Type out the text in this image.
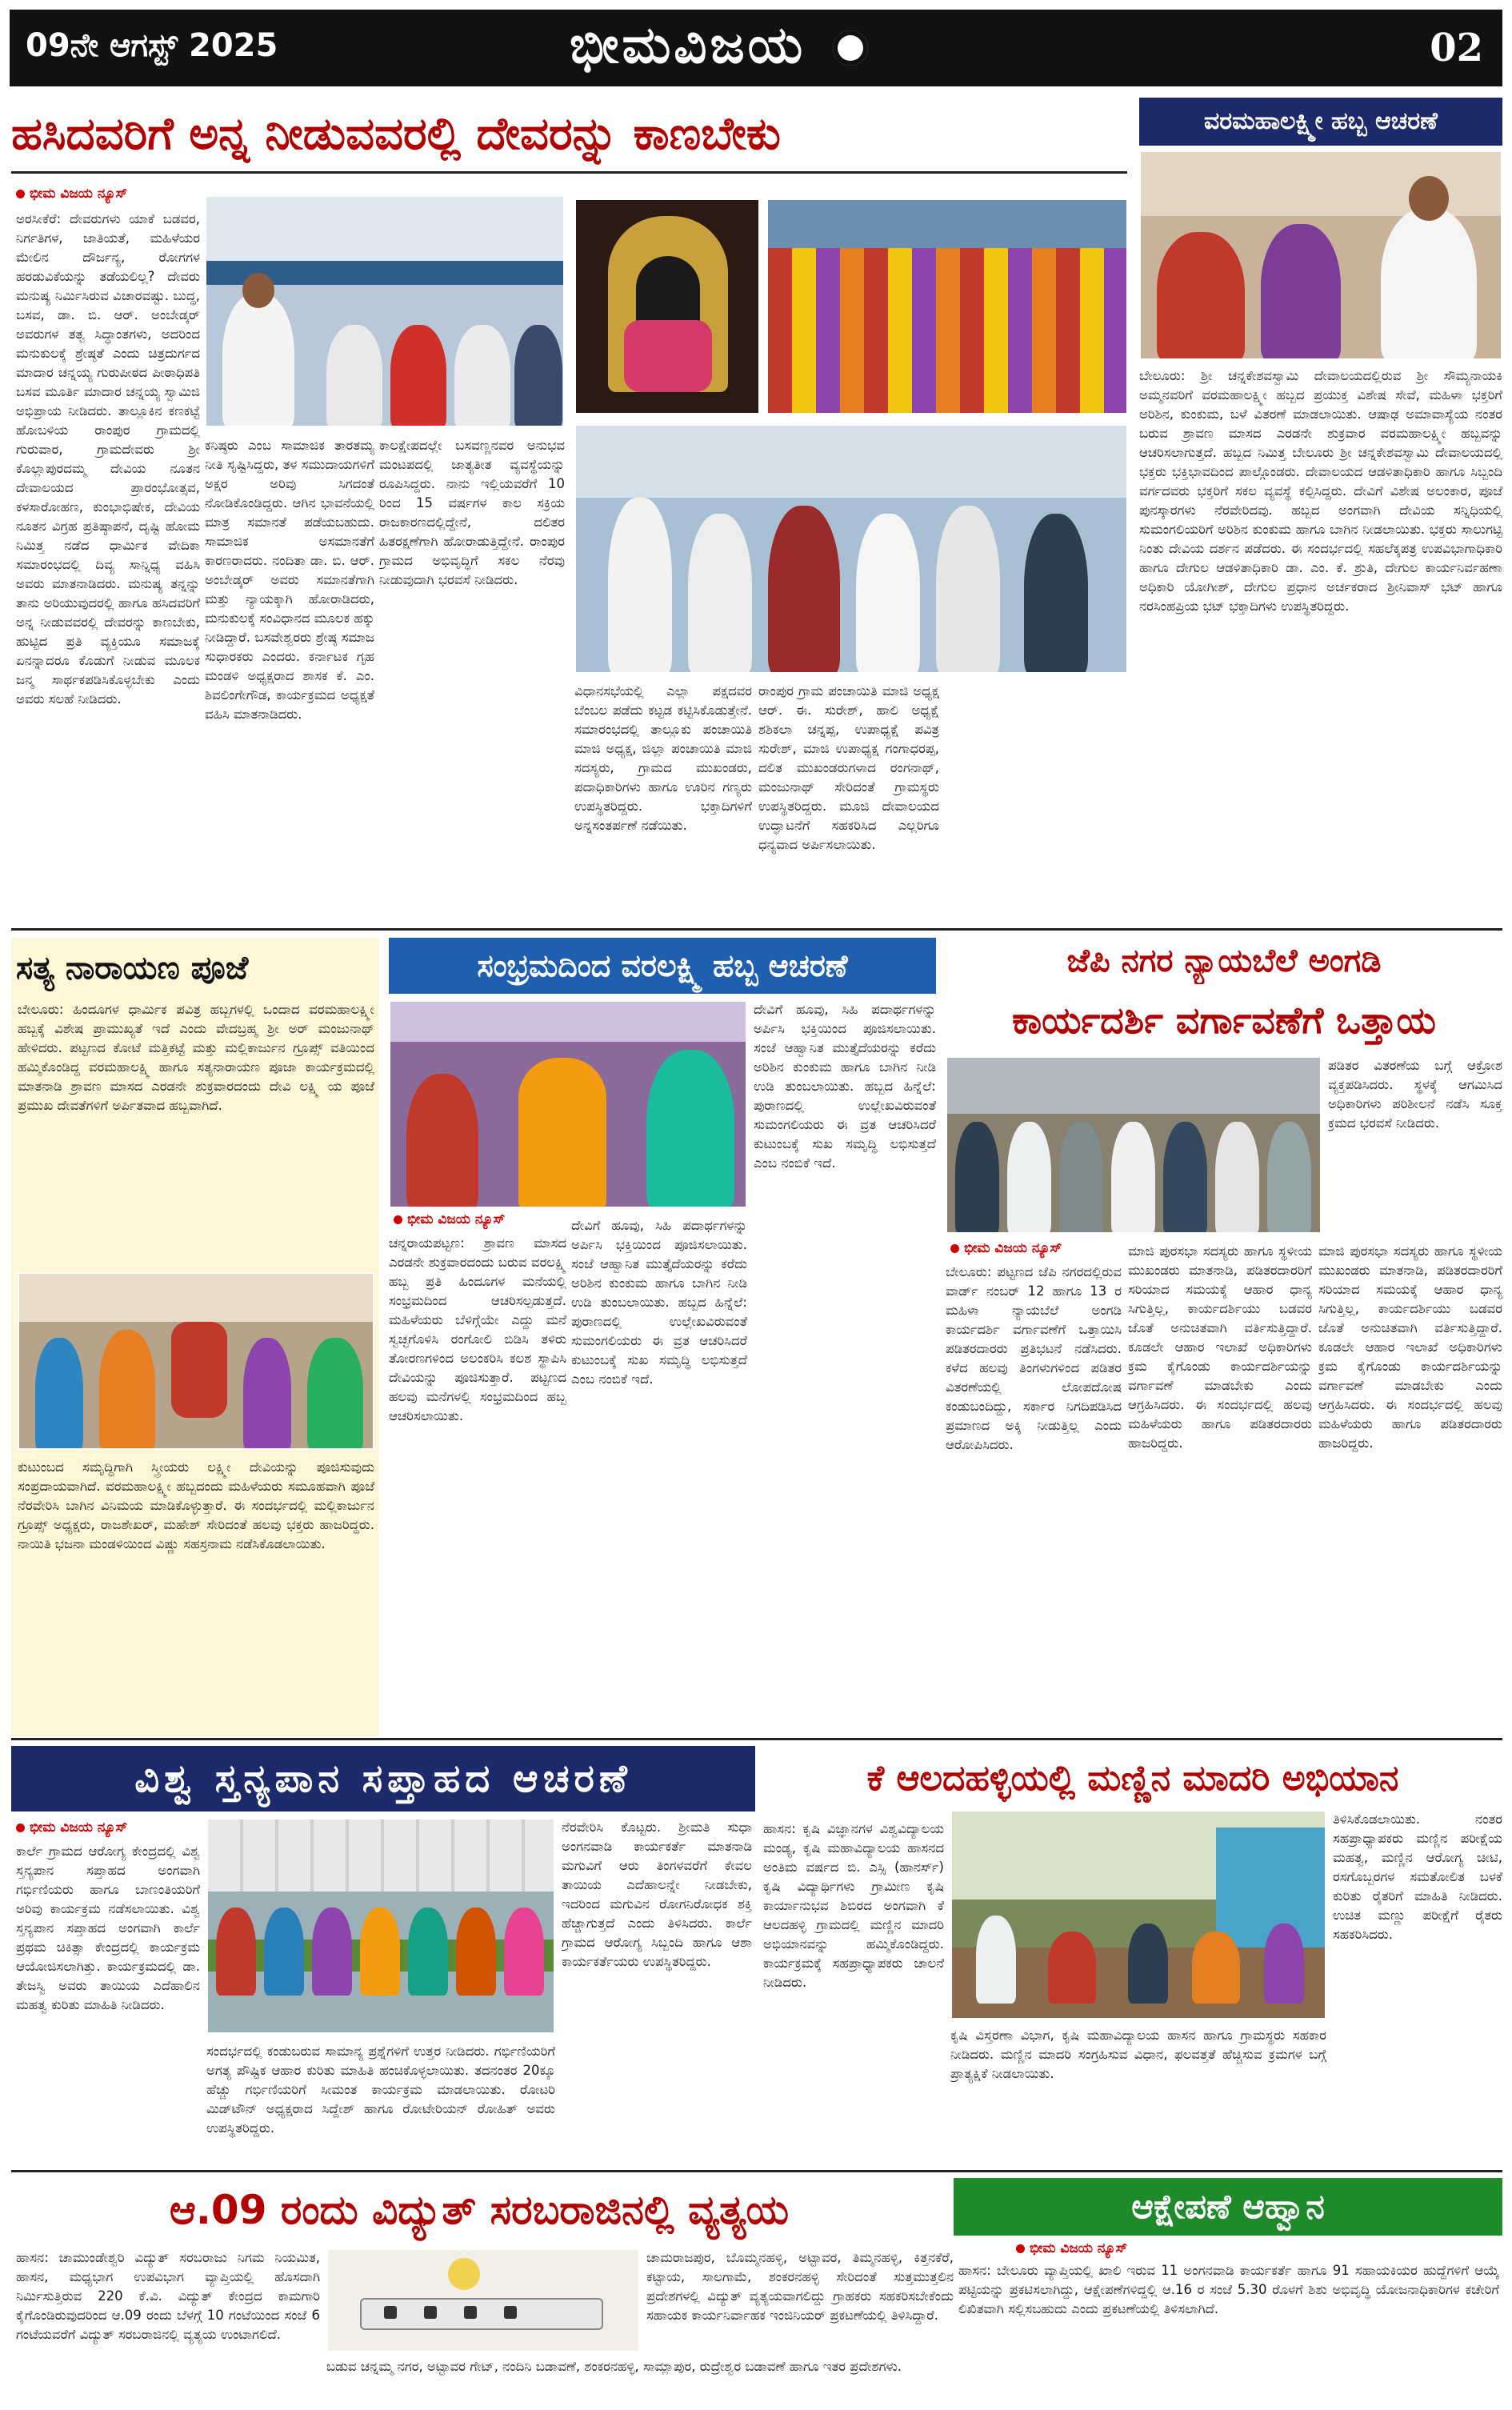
09ನೇ ಆಗಸ್ಟ್ 2025	ಭೀಮವಿಜಯ	02
ಹಸಿದವರಿಗೆ ಅನ್ನ ನೀಡುವವರಲ್ಲಿ ದೇವರನ್ನು ಕಾಣಬೇಕು
ಭೀಮ ವಿಜಯ ನ್ಯೂಸ್
ಅರಸೀಕೆರೆ: ದೇವರುಗಳು ಯಾಕೆ ಬಡವರ, ನಿರ್ಗತಿಗಳ, ಜಾತಿಯತೆ, ಮಹಿಳೆಯರ ಮೇಲಿನ ದೌರ್ಜನ್ಯ, ರೋಗಗಳ ಹರಡುವಿಕೆಯನ್ನು ತಡೆಯಲಿಲ್ಲ? ದೇವರು ಮನುಷ್ಯ ನಿರ್ಮಿಸಿರುವ ವಿಚಾರವಷ್ಟು. ಬುದ್ಧ, ಬಸವ, ಡಾ. ಬಿ. ಆರ್. ಅಂಬೇಡ್ಕರ್ ಅವರುಗಳ ತತ್ವ ಸಿದ್ಧಾಂತಗಳು, ಅದರಿಂದ ಮನುಕುಲಕ್ಕೆ ಶ್ರೇಷ್ಠತೆ ಎಂದು ಚಿತ್ರದುರ್ಗದ ಮಾದಾರ ಚನ್ನಯ್ಯ ಗುರುಪೀಠದ ಪೀಠಾಧಿಪತಿ ಬಸವ ಮೂರ್ತಿ ಮಾದಾರ ಚನ್ನಯ್ಯ ಸ್ವಾಮಿಜಿ ಅಭಿಪ್ರಾಯ ನೀಡಿದರು. ತಾಲ್ಲೂಕಿನ ಕಣಕಟ್ಟೆ ಹೋಬಳಿಯ ರಾಂಪುರ ಗ್ರಾಮದಲ್ಲಿ ಗುರುವಾರ, ಗ್ರಾಮದೇವರು ಶ್ರೀ ಕೊಲ್ಲಾಪುರದಮ್ಮ ದೇವಿಯ ನೂತನ ದೇವಾಲಯದ ಪ್ರಾರಂಭೋತ್ಸವ, ಕಳಸಾರೋಹಣ, ಕುಂಭಾಭಿಷೇಕ, ದೇವಿಯ ನೂತನ ವಿಗ್ರಹ ಪ್ರತಿಷ್ಠಾಪನೆ, ದೃಷ್ಟಿ ಹೋಮ ನಿಮಿತ್ತ ನಡೆದ ಧಾರ್ಮಿಕ ವೇದಿಕಾ ಸಮಾರಂಭದಲ್ಲಿ ದಿವ್ಯ ಸಾನ್ನಿಧ್ಯ ವಹಿಸಿ ಅವರು ಮಾತನಾಡಿದರು. ಮನುಷ್ಯ ತನ್ನನ್ನು ತಾನು ಅರಿಯುವುದರಲ್ಲಿ ಹಾಗೂ ಹಸಿದವರಿಗೆ ಅನ್ನ ನೀಡುವವರಲ್ಲಿ ದೇವರನ್ನು ಕಾಣಬೇಕು, ಹುಟ್ಟಿದ ಪ್ರತಿ ವ್ಯಕ್ತಿಯೂ ಸಮಾಜಕ್ಕೆ ಏನನ್ನಾದರೂ ಕೊಡುಗೆ ನೀಡುವ ಮೂಲಕ ಜನ್ಮ ಸಾರ್ಥಕಪಡಿಸಿಕೊಳ್ಳಬೇಕು ಎಂದು ಅವರು ಸಲಹೆ ನೀಡಿದರು.
ಕನಿಷ್ಠರು ಎಂಬ ಸಾಮಾಜಿಕ ತಾರತಮ್ಯ ನೀತಿ ಸೃಷ್ಟಿಸಿದ್ದರು, ತಳ ಸಮುದಾಯಗಳಿಗೆ ಅಕ್ಷರ ಅರಿವು ಸಿಗದಂತೆ ನೋಡಿಕೊಂಡಿದ್ದರು. ಆಗಿನ ಭಾವನೆಯಲ್ಲಿ ಮಾತ್ರ ಸಮಾನತೆ ಪಡೆಯಬಹುದು. ಸಾಮಾಜಿಕ ಅಸಮಾನತೆಗೆ ಕಾರಣರಾದರು. ನಂದಿತಾ ಡಾ. ಬಿ. ಆರ್. ಅಂಬೇಡ್ಕರ್ ಅವರು ಸಮಾನತೆಗಾಗಿ ಮತ್ತು ನ್ಯಾಯಕ್ಕಾಗಿ ಹೋರಾಡಿದರು, ಮನುಕುಲಕ್ಕೆ ಸಂವಿಧಾನದ ಮೂಲಕ ಹಕ್ಕು ನೀಡಿದ್ದಾರೆ. ಬಸವೇಶ್ವರರು ಶ್ರೇಷ್ಠ ಸಮಾಜ ಸುಧಾರಕರು ಎಂದರು. ಕರ್ನಾಟಕ ಗೃಹ ಮಂಡಳಿ ಅಧ್ಯಕ್ಷರಾದ ಶಾಸಕ ಕೆ. ಎಂ. ಶಿವಲಿಂಗೇಗೌಡ, ಕಾರ್ಯಕ್ರಮದ ಅಧ್ಯಕ್ಷತೆ ವಹಿಸಿ ಮಾತನಾಡಿದರು.
ಕಾಲಕ್ಷೇಪದಲ್ಲೇ ಬಸವಣ್ಣನವರ ಅನುಭವ ಮಂಟಪದಲ್ಲಿ ಜಾತ್ಯತೀತ ವ್ಯವಸ್ಥೆಯನ್ನು ರೂಪಿಸಿದ್ದರು. ನಾನು ಇಲ್ಲಿಯವರೆಗೆ 10 ರಿಂದ 15 ವರ್ಷಗಳ ಕಾಲ ಸಕ್ರಿಯ ರಾಜಕಾರಣದಲ್ಲಿದ್ದೇನೆ, ದಲಿತರ ಹಿತರಕ್ಷಣೆಗಾಗಿ ಹೋರಾಡುತ್ತಿದ್ದೇನೆ. ರಾಂಪುರ ಗ್ರಾಮದ ಅಭಿವೃದ್ಧಿಗೆ ಸಕಲ ನೆರವು ನೀಡುವುದಾಗಿ ಭರವಸೆ ನೀಡಿದರು.
ವಿಧಾನಸಭೆಯಲ್ಲಿ ಎಲ್ಲಾ ಪಕ್ಷದವರ ಬೆಂಬಲ ಪಡೆದು ಕಟ್ಟಡ ಕಟ್ಟಿಸಿಕೊಡುತ್ತೇನೆ. ಸಮಾರಂಭದಲ್ಲಿ ತಾಲ್ಲೂಕು ಪಂಚಾಯಿತಿ ಮಾಜಿ ಅಧ್ಯಕ್ಷ, ಜಿಲ್ಲಾ ಪಂಚಾಯಿತಿ ಮಾಜಿ ಸದಸ್ಯರು, ಗ್ರಾಮದ ಮುಖಂಡರು, ಪದಾಧಿಕಾರಿಗಳು ಹಾಗೂ ಊರಿನ ಗಣ್ಯರು ಉಪಸ್ಥಿತರಿದ್ದರು. ಭಕ್ತಾದಿಗಳಿಗೆ ಅನ್ನಸಂತರ್ಪಣೆ ನಡೆಯಿತು.
ರಾಂಪುರ ಗ್ರಾಮ ಪಂಚಾಯಿತಿ ಮಾಜಿ ಅಧ್ಯಕ್ಷ ಆರ್. ಈ. ಸುರೇಶ್, ಹಾಲಿ ಅಧ್ಯಕ್ಷೆ ಶಶಿಕಲಾ ಚನ್ನಪ್ಪ, ಉಪಾಧ್ಯಕ್ಷೆ ಪವಿತ್ರ ಸುರೇಶ್, ಮಾಜಿ ಉಪಾಧ್ಯಕ್ಷ ಗಂಗಾಧರಪ್ಪ, ದಲಿತ ಮುಖಂಡರುಗಳಾದ ರಂಗನಾಥ್, ಮಂಜುನಾಥ್ ಸೇರಿದಂತೆ ಗ್ರಾಮಸ್ಥರು ಉಪಸ್ಥಿತರಿದ್ದರು. ಮೂಜಿ ದೇವಾಲಯದ ಉದ್ಘಾಟನೆಗೆ ಸಹಕರಿಸಿದ ಎಲ್ಲರಿಗೂ ಧನ್ಯವಾದ ಅರ್ಪಿಸಲಾಯಿತು.
ವರಮಹಾಲಕ್ಷ್ಮೀ ಹಬ್ಬ ಆಚರಣೆ
ಬೇಲೂರು: ಶ್ರೀ ಚನ್ನಕೇಶವಸ್ವಾಮಿ ದೇವಾಲಯದಲ್ಲಿರುವ ಶ್ರೀ ಸೌಮ್ಯನಾಯಕಿ ಅಮ್ಮನವರಿಗೆ ವರಮಹಾಲಕ್ಷ್ಮೀ ಹಬ್ಬದ ಪ್ರಯುಕ್ತ ವಿಶೇಷ ಸೇವೆ, ಮಹಿಳಾ ಭಕ್ತರಿಗೆ ಅರಿಶಿನ, ಕುಂಕುಮ, ಬಳೆ ವಿತರಣೆ ಮಾಡಲಾಯಿತು. ಆಷಾಢ ಅಮಾವಾಸ್ಯೆಯ ನಂತರ ಬರುವ ಶ್ರಾವಣ ಮಾಸದ ಎರಡನೇ ಶುಕ್ರವಾರ ವರಮಹಾಲಕ್ಷ್ಮೀ ಹಬ್ಬವನ್ನು ಆಚರಿಸಲಾಗುತ್ತದೆ. ಹಬ್ಬದ ನಿಮಿತ್ತ ಬೇಲೂರು ಶ್ರೀ ಚನ್ನಕೇಶವಸ್ವಾಮಿ ದೇವಾಲಯದಲ್ಲಿ ಭಕ್ತರು ಭಕ್ತಿಭಾವದಿಂದ ಪಾಲ್ಗೊಂಡರು. ದೇವಾಲಯದ ಆಡಳಿತಾಧಿಕಾರಿ ಹಾಗೂ ಸಿಬ್ಬಂದಿ ವರ್ಗದವರು ಭಕ್ತರಿಗೆ ಸಕಲ ವ್ಯವಸ್ಥೆ ಕಲ್ಪಿಸಿದ್ದರು. ದೇವಿಗೆ ವಿಶೇಷ ಅಲಂಕಾರ, ಪೂಜೆ ಪುನಸ್ಕಾರಗಳು ನೆರವೇರಿದವು. ಹಬ್ಬದ ಅಂಗವಾಗಿ ದೇವಿಯ ಸನ್ನಿಧಿಯಲ್ಲಿ ಸುಮಂಗಲಿಯರಿಗೆ ಅರಿಶಿನ ಕುಂಕುಮ ಹಾಗೂ ಬಾಗಿನ ನೀಡಲಾಯಿತು. ಭಕ್ತರು ಸಾಲುಗಟ್ಟಿ ನಿಂತು ದೇವಿಯ ದರ್ಶನ ಪಡೆದರು. ಈ ಸಂದರ್ಭದಲ್ಲಿ ಸಹಲೆಕ್ಕಪತ್ರ ಉಪವಿಭಾಗಾಧಿಕಾರಿ ಹಾಗೂ ದೇಗುಲ ಆಡಳಿತಾಧಿಕಾರಿ ಡಾ. ಎಂ. ಕೆ. ಶ್ರುತಿ, ದೇಗುಲ ಕಾರ್ಯನಿರ್ವಹಣಾ ಅಧಿಕಾರಿ ಯೋಗೀಶ್, ದೇಗುಲ ಪ್ರಧಾನ ಅರ್ಚಕರಾದ ಶ್ರೀನಿವಾಸ್ ಭಟ್ ಹಾಗೂ ನರಸಿಂಹಪ್ರಿಯ ಭಟ್ ಭಕ್ತಾದಿಗಳು ಉಪಸ್ಥಿತರಿದ್ದರು.
ಸತ್ಯ ನಾರಾಯಣ ಪೂಜೆ
ಬೇಲೂರು: ಹಿಂದೂಗಳ ಧಾರ್ಮಿಕ ಪವಿತ್ರ ಹಬ್ಬಗಳಲ್ಲಿ ಒಂದಾದ ವರಮಹಾಲಕ್ಷ್ಮೀ ಹಬ್ಬಕ್ಕೆ ವಿಶೇಷ ಪ್ರಾಮುಖ್ಯತೆ ಇದೆ ಎಂದು ವೇದಬ್ರಹ್ಮ ಶ್ರೀ ಅರ್ ಮಂಜುನಾಥ್ ಹೇಳಿದರು. ಪಟ್ಟಣದ ಕೋಟೆ ಮತ್ತಿಕಟ್ಟೆ ಮತ್ತು ಮಲ್ಲಿಕಾರ್ಜುನ ಗ್ರೂಪ್ಸ್ ವತಿಯಿಂದ ಹಮ್ಮಿಕೊಂಡಿದ್ದ ವರಮಹಾಲಕ್ಷ್ಮಿ ಹಾಗೂ ಸತ್ಯನಾರಾಯಣ ಪೂಜಾ ಕಾರ್ಯಕ್ರಮದಲ್ಲಿ ಮಾತನಾಡಿ ಶ್ರಾವಣ ಮಾಸದ ಎರಡನೇ ಶುಕ್ರವಾರದಂದು ದೇವಿ ಲಕ್ಷ್ಮಿ ಯ ಪೂಜೆ ಪ್ರಮುಖ ದೇವತೆಗಳಿಗೆ ಅರ್ಪಿತವಾದ ಹಬ್ಬವಾಗಿದೆ.
ಕುಟುಂಬದ ಸಮೃದ್ಧಿಗಾಗಿ ಸ್ತ್ರೀಯರು ಲಕ್ಷ್ಮೀ ದೇವಿಯನ್ನು ಪೂಜಿಸುವುದು ಸಂಪ್ರದಾಯವಾಗಿದೆ. ವರಮಹಾಲಕ್ಷ್ಮೀ ಹಬ್ಬದಂದು ಮಹಿಳೆಯರು ಸಮೂಹವಾಗಿ ಪೂಜೆ ನೆರವೇರಿಸಿ ಬಾಗಿನ ವಿನಿಮಯ ಮಾಡಿಕೊಳ್ಳುತ್ತಾರೆ. ಈ ಸಂದರ್ಭದಲ್ಲಿ ಮಲ್ಲಿಕಾರ್ಜುನ ಗ್ರೂಪ್ಸ್ ಅಧ್ಯಕ್ಷರು, ರಾಜಶೇಖರ್, ಮಹೇಶ್ ಸೇರಿದಂತೆ ಹಲವು ಭಕ್ತರು ಹಾಜರಿದ್ದರು. ನಾಯಿತಿ ಭಜನಾ ಮಂಡಳಿಯಿಂದ ವಿಷ್ಣು ಸಹಸ್ರನಾಮ ನಡೆಸಿಕೊಡಲಾಯಿತು.
ಸಂಭ್ರಮದಿಂದ ವರಲಕ್ಷ್ಮಿ ಹಬ್ಬ ಆಚರಣೆ
ಭೀಮ ವಿಜಯ ನ್ಯೂಸ್
ಚನ್ನರಾಯಪಟ್ಟಣ: ಶ್ರಾವಣ ಮಾಸದ ಎರಡನೇ ಶುಕ್ರವಾರದಂದು ಬರುವ ವರಲಕ್ಷ್ಮಿ ಹಬ್ಬ ಪ್ರತಿ ಹಿಂದೂಗಳ ಮನೆಯಲ್ಲಿ ಸಂಭ್ರಮದಿಂದ ಆಚರಿಸಲ್ಪಡುತ್ತದೆ. ಮಹಿಳೆಯರು ಬೆಳಿಗ್ಗೆಯೇ ಎದ್ದು ಮನೆ ಸ್ವಚ್ಛಗೊಳಿಸಿ ರಂಗೋಲಿ ಬಿಡಿಸಿ ತಳಿರು ತೋರಣಗಳಿಂದ ಅಲಂಕರಿಸಿ ಕಲಶ ಸ್ಥಾಪಿಸಿ ದೇವಿಯನ್ನು ಪೂಜಿಸುತ್ತಾರೆ. ಪಟ್ಟಣದ ಹಲವು ಮನೆಗಳಲ್ಲಿ ಸಂಭ್ರಮದಿಂದ ಹಬ್ಬ ಆಚರಿಸಲಾಯಿತು.
ದೇವಿಗೆ ಹೂವು, ಸಿಹಿ ಪದಾರ್ಥಗಳನ್ನು ಅರ್ಪಿಸಿ ಭಕ್ತಿಯಿಂದ ಪೂಜಿಸಲಾಯಿತು. ಸಂಜೆ ಆಹ್ವಾನಿತ ಮುತ್ತೈದೆಯರನ್ನು ಕರೆದು ಅರಿಶಿನ ಕುಂಕುಮ ಹಾಗೂ ಬಾಗಿನ ನೀಡಿ ಉಡಿ ತುಂಬಲಾಯಿತು. ಹಬ್ಬದ ಹಿನ್ನೆಲೆ: ಪುರಾಣದಲ್ಲಿ ಉಲ್ಲೇಖವಿರುವಂತೆ ಸುಮಂಗಲಿಯರು ಈ ವ್ರತ ಆಚರಿಸಿದರೆ ಕುಟುಂಬಕ್ಕೆ ಸುಖ ಸಮೃದ್ಧಿ ಲಭಿಸುತ್ತದೆ ಎಂಬ ನಂಬಿಕೆ ಇದೆ.
ದೇವಿಗೆ ಹೂವು, ಸಿಹಿ ಪದಾರ್ಥಗಳನ್ನು ಅರ್ಪಿಸಿ ಭಕ್ತಿಯಿಂದ ಪೂಜಿಸಲಾಯಿತು. ಸಂಜೆ ಆಹ್ವಾನಿತ ಮುತ್ತೈದೆಯರನ್ನು ಕರೆದು ಅರಿಶಿನ ಕುಂಕುಮ ಹಾಗೂ ಬಾಗಿನ ನೀಡಿ ಉಡಿ ತುಂಬಲಾಯಿತು. ಹಬ್ಬದ ಹಿನ್ನೆಲೆ: ಪುರಾಣದಲ್ಲಿ ಉಲ್ಲೇಖವಿರುವಂತೆ ಸುಮಂಗಲಿಯರು ಈ ವ್ರತ ಆಚರಿಸಿದರೆ ಕುಟುಂಬಕ್ಕೆ ಸುಖ ಸಮೃದ್ಧಿ ಲಭಿಸುತ್ತದೆ ಎಂಬ ನಂಬಿಕೆ ಇದೆ.
ಜೆಪಿ ನಗರ ನ್ಯಾಯಬೆಲೆ ಅಂಗಡಿ
ಕಾರ್ಯದರ್ಶಿ ವರ್ಗಾವಣೆಗೆ ಒತ್ತಾಯ
ಪಡಿತರ ವಿತರಣೆಯ ಬಗ್ಗೆ ಆಕ್ರೋಶ ವ್ಯಕ್ತಪಡಿಸಿದರು. ಸ್ಥಳಕ್ಕೆ ಆಗಮಿಸಿದ ಅಧಿಕಾರಿಗಳು ಪರಿಶೀಲನೆ ನಡೆಸಿ ಸೂಕ್ತ ಕ್ರಮದ ಭರವಸೆ ನೀಡಿದರು.
ಭೀಮ ವಿಜಯ ನ್ಯೂಸ್
ಬೇಲೂರು: ಪಟ್ಟಣದ ಜೆಪಿ ನಗರದಲ್ಲಿರುವ ವಾರ್ಡ್ ನಂಬರ್ 12 ಹಾಗೂ 13 ರ ಮಹಿಳಾ ನ್ಯಾಯಬೆಲೆ ಅಂಗಡಿ ಕಾರ್ಯದರ್ಶಿ ವರ್ಗಾವಣೆಗೆ ಒತ್ತಾಯಿಸಿ ಪಡಿತರದಾರರು ಪ್ರತಿಭಟನೆ ನಡೆಸಿದರು. ಕಳೆದ ಹಲವು ತಿಂಗಳುಗಳಿಂದ ಪಡಿತರ ವಿತರಣೆಯಲ್ಲಿ ಲೋಪದೋಷ ಕಂಡುಬಂದಿದ್ದು, ಸರ್ಕಾರ ನಿಗದಿಪಡಿಸಿದ ಪ್ರಮಾಣದ ಅಕ್ಕಿ ನೀಡುತ್ತಿಲ್ಲ ಎಂದು ಆರೋಪಿಸಿದರು.
ಮಾಜಿ ಪುರಸಭಾ ಸದಸ್ಯರು ಹಾಗೂ ಸ್ಥಳೀಯ ಮುಖಂಡರು ಮಾತನಾಡಿ, ಪಡಿತರದಾರರಿಗೆ ಸರಿಯಾದ ಸಮಯಕ್ಕೆ ಆಹಾರ ಧಾನ್ಯ ಸಿಗುತ್ತಿಲ್ಲ, ಕಾರ್ಯದರ್ಶಿಯು ಬಡವರ ಜೊತೆ ಅನುಚಿತವಾಗಿ ವರ್ತಿಸುತ್ತಿದ್ದಾರೆ. ಕೂಡಲೇ ಆಹಾರ ಇಲಾಖೆ ಅಧಿಕಾರಿಗಳು ಕ್ರಮ ಕೈಗೊಂಡು ಕಾರ್ಯದರ್ಶಿಯನ್ನು ವರ್ಗಾವಣೆ ಮಾಡಬೇಕು ಎಂದು ಆಗ್ರಹಿಸಿದರು. ಈ ಸಂದರ್ಭದಲ್ಲಿ ಹಲವು ಮಹಿಳೆಯರು ಹಾಗೂ ಪಡಿತರದಾರರು ಹಾಜರಿದ್ದರು.
ಮಾಜಿ ಪುರಸಭಾ ಸದಸ್ಯರು ಹಾಗೂ ಸ್ಥಳೀಯ ಮುಖಂಡರು ಮಾತನಾಡಿ, ಪಡಿತರದಾರರಿಗೆ ಸರಿಯಾದ ಸಮಯಕ್ಕೆ ಆಹಾರ ಧಾನ್ಯ ಸಿಗುತ್ತಿಲ್ಲ, ಕಾರ್ಯದರ್ಶಿಯು ಬಡವರ ಜೊತೆ ಅನುಚಿತವಾಗಿ ವರ್ತಿಸುತ್ತಿದ್ದಾರೆ. ಕೂಡಲೇ ಆಹಾರ ಇಲಾಖೆ ಅಧಿಕಾರಿಗಳು ಕ್ರಮ ಕೈಗೊಂಡು ಕಾರ್ಯದರ್ಶಿಯನ್ನು ವರ್ಗಾವಣೆ ಮಾಡಬೇಕು ಎಂದು ಆಗ್ರಹಿಸಿದರು. ಈ ಸಂದರ್ಭದಲ್ಲಿ ಹಲವು ಮಹಿಳೆಯರು ಹಾಗೂ ಪಡಿತರದಾರರು ಹಾಜರಿದ್ದರು.
ವಿಶ್ವ ಸ್ತನ್ಯಪಾನ ಸಪ್ತಾಹದ ಆಚರಣೆ
ಭೀಮ ವಿಜಯ ನ್ಯೂಸ್
ಕಾರ್ಲೆ ಗ್ರಾಮದ ಆರೋಗ್ಯ ಕೇಂದ್ರದಲ್ಲಿ ವಿಶ್ವ ಸ್ತನ್ಯಪಾನ ಸಪ್ತಾಹದ ಅಂಗವಾಗಿ ಗರ್ಭಿಣಿಯರು ಹಾಗೂ ಬಾಣಂತಿಯರಿಗೆ ಅರಿವು ಕಾರ್ಯಕ್ರಮ ನಡೆಸಲಾಯಿತು. ವಿಶ್ವ ಸ್ತನ್ಯಪಾನ ಸಪ್ತಾಹದ ಅಂಗವಾಗಿ ಕಾರ್ಲೆ ಪ್ರಥಮ ಚಿಕಿತ್ಸಾ ಕೇಂದ್ರದಲ್ಲಿ ಕಾರ್ಯಕ್ರಮ ಆಯೋಜಿಸಲಾಗಿತ್ತು. ಕಾರ್ಯಕ್ರಮದಲ್ಲಿ ಡಾ. ತೇಜಸ್ವಿ ಅವರು ತಾಯಿಯ ಎದೆಹಾಲಿನ ಮಹತ್ವ ಕುರಿತು ಮಾಹಿತಿ ನೀಡಿದರು.
ನೆರವೇರಿಸಿ ಕೊಟ್ಟರು. ಶ್ರೀಮತಿ ಸುಧಾ ಅಂಗನವಾಡಿ ಕಾರ್ಯಕರ್ತೆ ಮಾತನಾಡಿ ಮಗುವಿಗೆ ಆರು ತಿಂಗಳವರೆಗೆ ಕೇವಲ ತಾಯಿಯ ಎದೆಹಾಲನ್ನೇ ನೀಡಬೇಕು, ಇದರಿಂದ ಮಗುವಿನ ರೋಗನಿರೋಧಕ ಶಕ್ತಿ ಹೆಚ್ಚಾಗುತ್ತದೆ ಎಂದು ತಿಳಿಸಿದರು. ಕಾರ್ಲೆ ಗ್ರಾಮದ ಆರೋಗ್ಯ ಸಿಬ್ಬಂದಿ ಹಾಗೂ ಆಶಾ ಕಾರ್ಯಕರ್ತೆಯರು ಉಪಸ್ಥಿತರಿದ್ದರು.
ಸಂದರ್ಭದಲ್ಲಿ ಕಂಡುಬರುವ ಸಾಮಾನ್ಯ ಪ್ರಶ್ನೆಗಳಿಗೆ ಉತ್ತರ ನೀಡಿದರು. ಗರ್ಭಿಣಿಯರಿಗೆ ಅಗತ್ಯ ಪೌಷ್ಟಿಕ ಆಹಾರ ಕುರಿತು ಮಾಹಿತಿ ಹಂಚಿಕೊಳ್ಳಲಾಯಿತು. ತದನಂತರ 20ಕ್ಕೂ ಹೆಚ್ಚು ಗರ್ಭಿಣಿಯರಿಗೆ ಸೀಮಂತ ಕಾರ್ಯಕ್ರಮ ಮಾಡಲಾಯಿತು. ರೋಟರಿ ಮಿಡ್‌ಟೌನ್ ಅಧ್ಯಕ್ಷರಾದ ಸಿದ್ದೇಶ್ ಹಾಗೂ ರೋಟೇರಿಯನ್ ರೋಹಿತ್ ಅವರು ಉಪಸ್ಥಿತರಿದ್ದರು.
ಕೆ ಆಲದಹಳ್ಳಿಯಲ್ಲಿ ಮಣ್ಣಿನ ಮಾದರಿ ಅಭಿಯಾನ
ಹಾಸನ: ಕೃಷಿ ವಿಜ್ಞಾನಗಳ ವಿಶ್ವವಿದ್ಯಾಲಯ ಮಂಡ್ಯ, ಕೃಷಿ ಮಹಾವಿದ್ಯಾಲಯ ಹಾಸನದ ಅಂತಿಮ ವರ್ಷದ ಬಿ. ಎಸ್ಸಿ (ಹಾನರ್ಸ್) ಕೃಷಿ ವಿದ್ಯಾರ್ಥಿಗಳು ಗ್ರಾಮೀಣ ಕೃಷಿ ಕಾರ್ಯಾನುಭವ ಶಿಬಿರದ ಅಂಗವಾಗಿ ಕೆ ಆಲದಹಳ್ಳಿ ಗ್ರಾಮದಲ್ಲಿ ಮಣ್ಣಿನ ಮಾದರಿ ಅಭಿಯಾನವನ್ನು ಹಮ್ಮಿಕೊಂಡಿದ್ದರು. ಕಾರ್ಯಕ್ರಮಕ್ಕೆ ಸಹಪ್ರಾಧ್ಯಾಪಕರು ಚಾಲನೆ ನೀಡಿದರು.
ತಿಳಿಸಿಕೊಡಲಾಯಿತು. ನಂತರ ಸಹಪ್ರಾಧ್ಯಾಪಕರು ಮಣ್ಣಿನ ಪರೀಕ್ಷೆಯ ಮಹತ್ವ, ಮಣ್ಣಿನ ಆರೋಗ್ಯ ಚೀಟಿ, ರಸಗೊಬ್ಬರಗಳ ಸಮತೋಲಿತ ಬಳಕೆ ಕುರಿತು ರೈತರಿಗೆ ಮಾಹಿತಿ ನೀಡಿದರು. ಉಚಿತ ಮಣ್ಣು ಪರೀಕ್ಷೆಗೆ ರೈತರು ಸಹಕರಿಸಿದರು.
ಕೃಷಿ ವಿಸ್ತರಣಾ ವಿಭಾಗ, ಕೃಷಿ ಮಹಾವಿದ್ಯಾಲಯ ಹಾಸನ ಹಾಗೂ ಗ್ರಾಮಸ್ಥರು ಸಹಕಾರ ನೀಡಿದರು. ಮಣ್ಣಿನ ಮಾದರಿ ಸಂಗ್ರಹಿಸುವ ವಿಧಾನ, ಫಲವತ್ತತೆ ಹೆಚ್ಚಿಸುವ ಕ್ರಮಗಳ ಬಗ್ಗೆ ಪ್ರಾತ್ಯಕ್ಷಿಕೆ ನೀಡಲಾಯಿತು.
ಆ.09 ರಂದು ವಿದ್ಯುತ್ ಸರಬರಾಜಿನಲ್ಲಿ ವ್ಯತ್ಯಯ
ಹಾಸನ: ಚಾಮುಂಡೇಶ್ವರಿ ವಿದ್ಯುತ್ ಸರಬರಾಜು ನಿಗಮ ನಿಯಮಿತ, ಹಾಸನ, ಮಧ್ಯಭಾಗ ಉಪವಿಭಾಗ ವ್ಯಾಪ್ತಿಯಲ್ಲಿ ಹೊಸದಾಗಿ ನಿರ್ಮಿಸುತ್ತಿರುವ 220 ಕೆ.ವಿ. ವಿದ್ಯುತ್ ಕೇಂದ್ರದ ಕಾಮಗಾರಿ ಕೈಗೊಂಡಿರುವುದರಿಂದ ಆ.09 ರಂದು ಬೆಳಗ್ಗೆ 10 ಗಂಟೆಯಿಂದ ಸಂಜೆ 6 ಗಂಟೆಯವರೆಗೆ ವಿದ್ಯುತ್ ಸರಬರಾಜಿನಲ್ಲಿ ವ್ಯತ್ಯಯ ಉಂಟಾಗಲಿದೆ.
ಬಡುವ ಚನ್ನಮ್ಮ ನಗರ, ಅಟ್ಟಾವರ ಗೇಟ್, ನಂದಿನಿ ಬಡಾವಣೆ, ಶಂಕರನಹಳ್ಳಿ, ಸಾಮ್ಲಾಪುರ, ರುದ್ರೇಶ್ವರ ಬಡಾವಣೆ ಹಾಗೂ ಇತರ ಪ್ರದೇಶಗಳು.
ಚಾಮರಾಜಪುರ, ಬೊಮ್ಮನಹಳ್ಳಿ, ಅಟ್ಟಾವರ, ತಿಮ್ಮನಹಳ್ಳಿ, ಕಿತ್ತನಕೆರೆ, ಕಟ್ಟಾಯ, ಸಾಲಗಾಮೆ, ಶಂಕರನಹಳ್ಳಿ ಸೇರಿದಂತೆ ಸುತ್ತಮುತ್ತಲಿನ ಪ್ರದೇಶಗಳಲ್ಲಿ ವಿದ್ಯುತ್ ವ್ಯತ್ಯಯವಾಗಲಿದ್ದು ಗ್ರಾಹಕರು ಸಹಕರಿಸಬೇಕೆಂದು ಸಹಾಯಕ ಕಾರ್ಯನಿರ್ವಾಹಕ ಇಂಜಿನಿಯರ್ ಪ್ರಕಟಣೆಯಲ್ಲಿ ತಿಳಿಸಿದ್ದಾರೆ.
ಆಕ್ಷೇಪಣೆ ಆಹ್ವಾನ
ಭೀಮ ವಿಜಯ ನ್ಯೂಸ್
ಹಾಸನ: ಬೇಲೂರು ವ್ಯಾಪ್ತಿಯಲ್ಲಿ ಖಾಲಿ ಇರುವ 11 ಅಂಗನವಾಡಿ ಕಾರ್ಯಕರ್ತೆ ಹಾಗೂ 91 ಸಹಾಯಕಿಯರ ಹುದ್ದೆಗಳಿಗೆ ಆಯ್ಕೆ ಪಟ್ಟಿಯನ್ನು ಪ್ರಕಟಿಸಲಾಗಿದ್ದು, ಆಕ್ಷೇಪಣೆಗಳಿದ್ದಲ್ಲಿ ಆ.16 ರ ಸಂಜೆ 5.30 ರೊಳಗೆ ಶಿಶು ಅಭಿವೃದ್ಧಿ ಯೋಜನಾಧಿಕಾರಿಗಳ ಕಚೇರಿಗೆ ಲಿಖಿತವಾಗಿ ಸಲ್ಲಿಸಬಹುದು ಎಂದು ಪ್ರಕಟಣೆಯಲ್ಲಿ ತಿಳಿಸಲಾಗಿದೆ.
